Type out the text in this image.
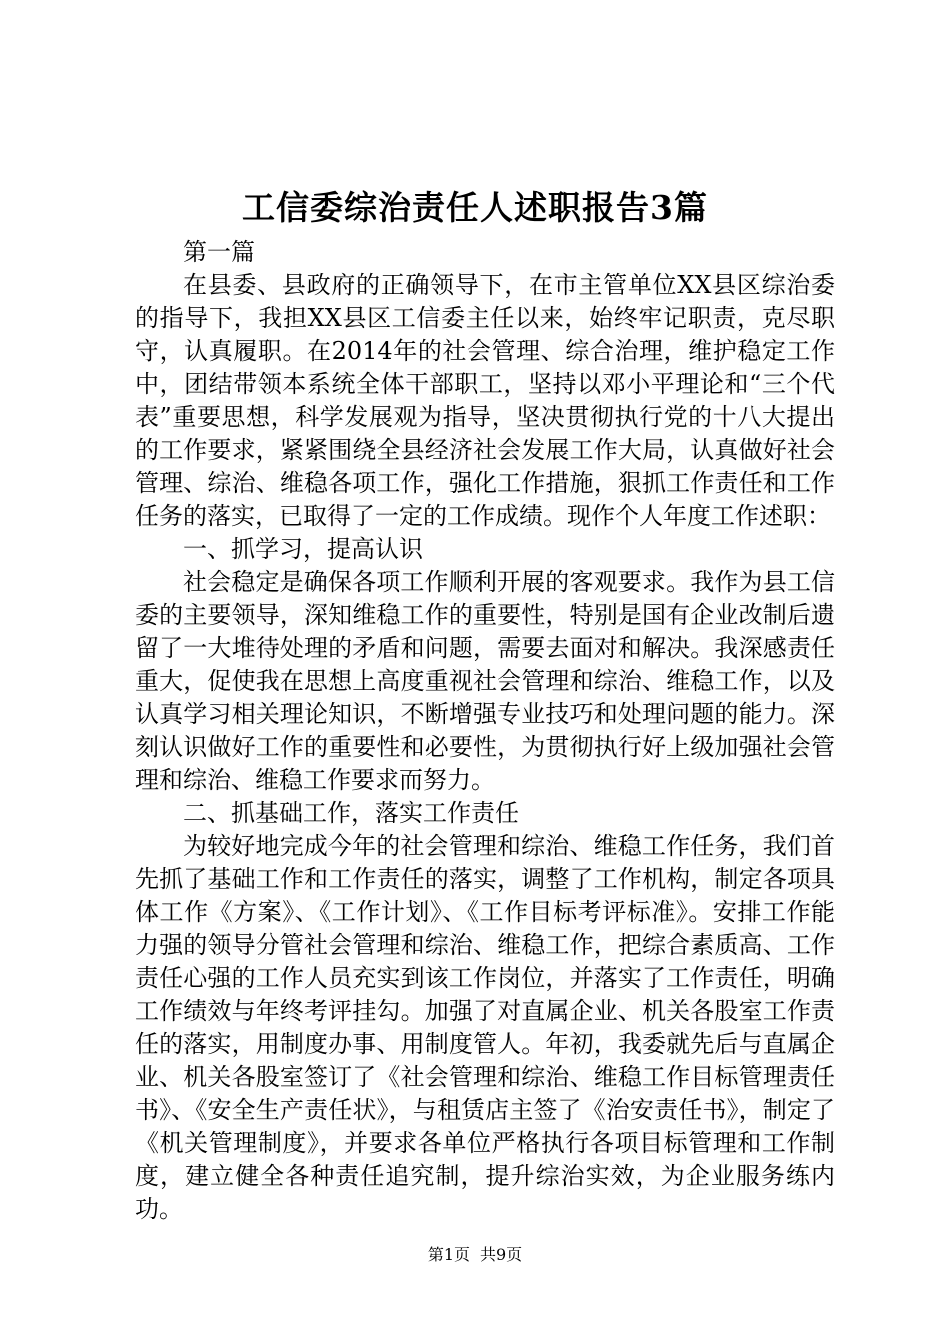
工信委综治责任人述职报告3篇

第一篇

在县委、县政府的正确领导下，在市主管单位XX县区综治委的指导下，我担XX县区工信委主任以来，始终牢记职责，克尽职守，认真履职。在2014年的社会管理、综合治理，维护稳定工作中，团结带领本系统全体干部职工，坚持以邓小平理论和“三个代表”重要思想，科学发展观为指导，坚决贯彻执行党的十八大提出的工作要求，紧紧围绕全县经济社会发展工作大局，认真做好社会管理、综治、维稳各项工作，强化工作措施，狠抓工作责任和工作任务的落实，已取得了一定的工作成绩。现作个人年度工作述职：

一、抓学习，提高认识

社会稳定是确保各项工作顺利开展的客观要求。我作为县工信委的主要领导，深知维稳工作的重要性，特别是国有企业改制后遗留了一大堆待处理的矛盾和问题，需要去面对和解决。我深感责任重大，促使我在思想上高度重视社会管理和综治、维稳工作，以及认真学习相关理论知识，不断增强专业技巧和处理问题的能力。深刻认识做好工作的重要性和必要性，为贯彻执行好上级加强社会管理和综治、维稳工作要求而努力。

二、抓基础工作，落实工作责任

为较好地完成今年的社会管理和综治、维稳工作任务，我们首先抓了基础工作和工作责任的落实，调整了工作机构，制定各项具体工作《方案》、《工作计划》、《工作目标考评标准》。安排工作能力强的领导分管社会管理和综治、维稳工作，把综合素质高、工作责任心强的工作人员充实到该工作岗位，并落实了工作责任，明确工作绩效与年终考评挂勾。加强了对直属企业、机关各股室工作责任的落实，用制度办事、用制度管人。年初，我委就先后与直属企业、机关各股室签订了《社会管理和综治、维稳工作目标管理责任书》、《安全生产责任状》，与租赁店主签了《治安责任书》，制定了《机关管理制度》，并要求各单位严格执行各项目标管理和工作制度，建立健全各种责任追究制，提升综治实效，为企业服务练内功。

第1页 共9页
